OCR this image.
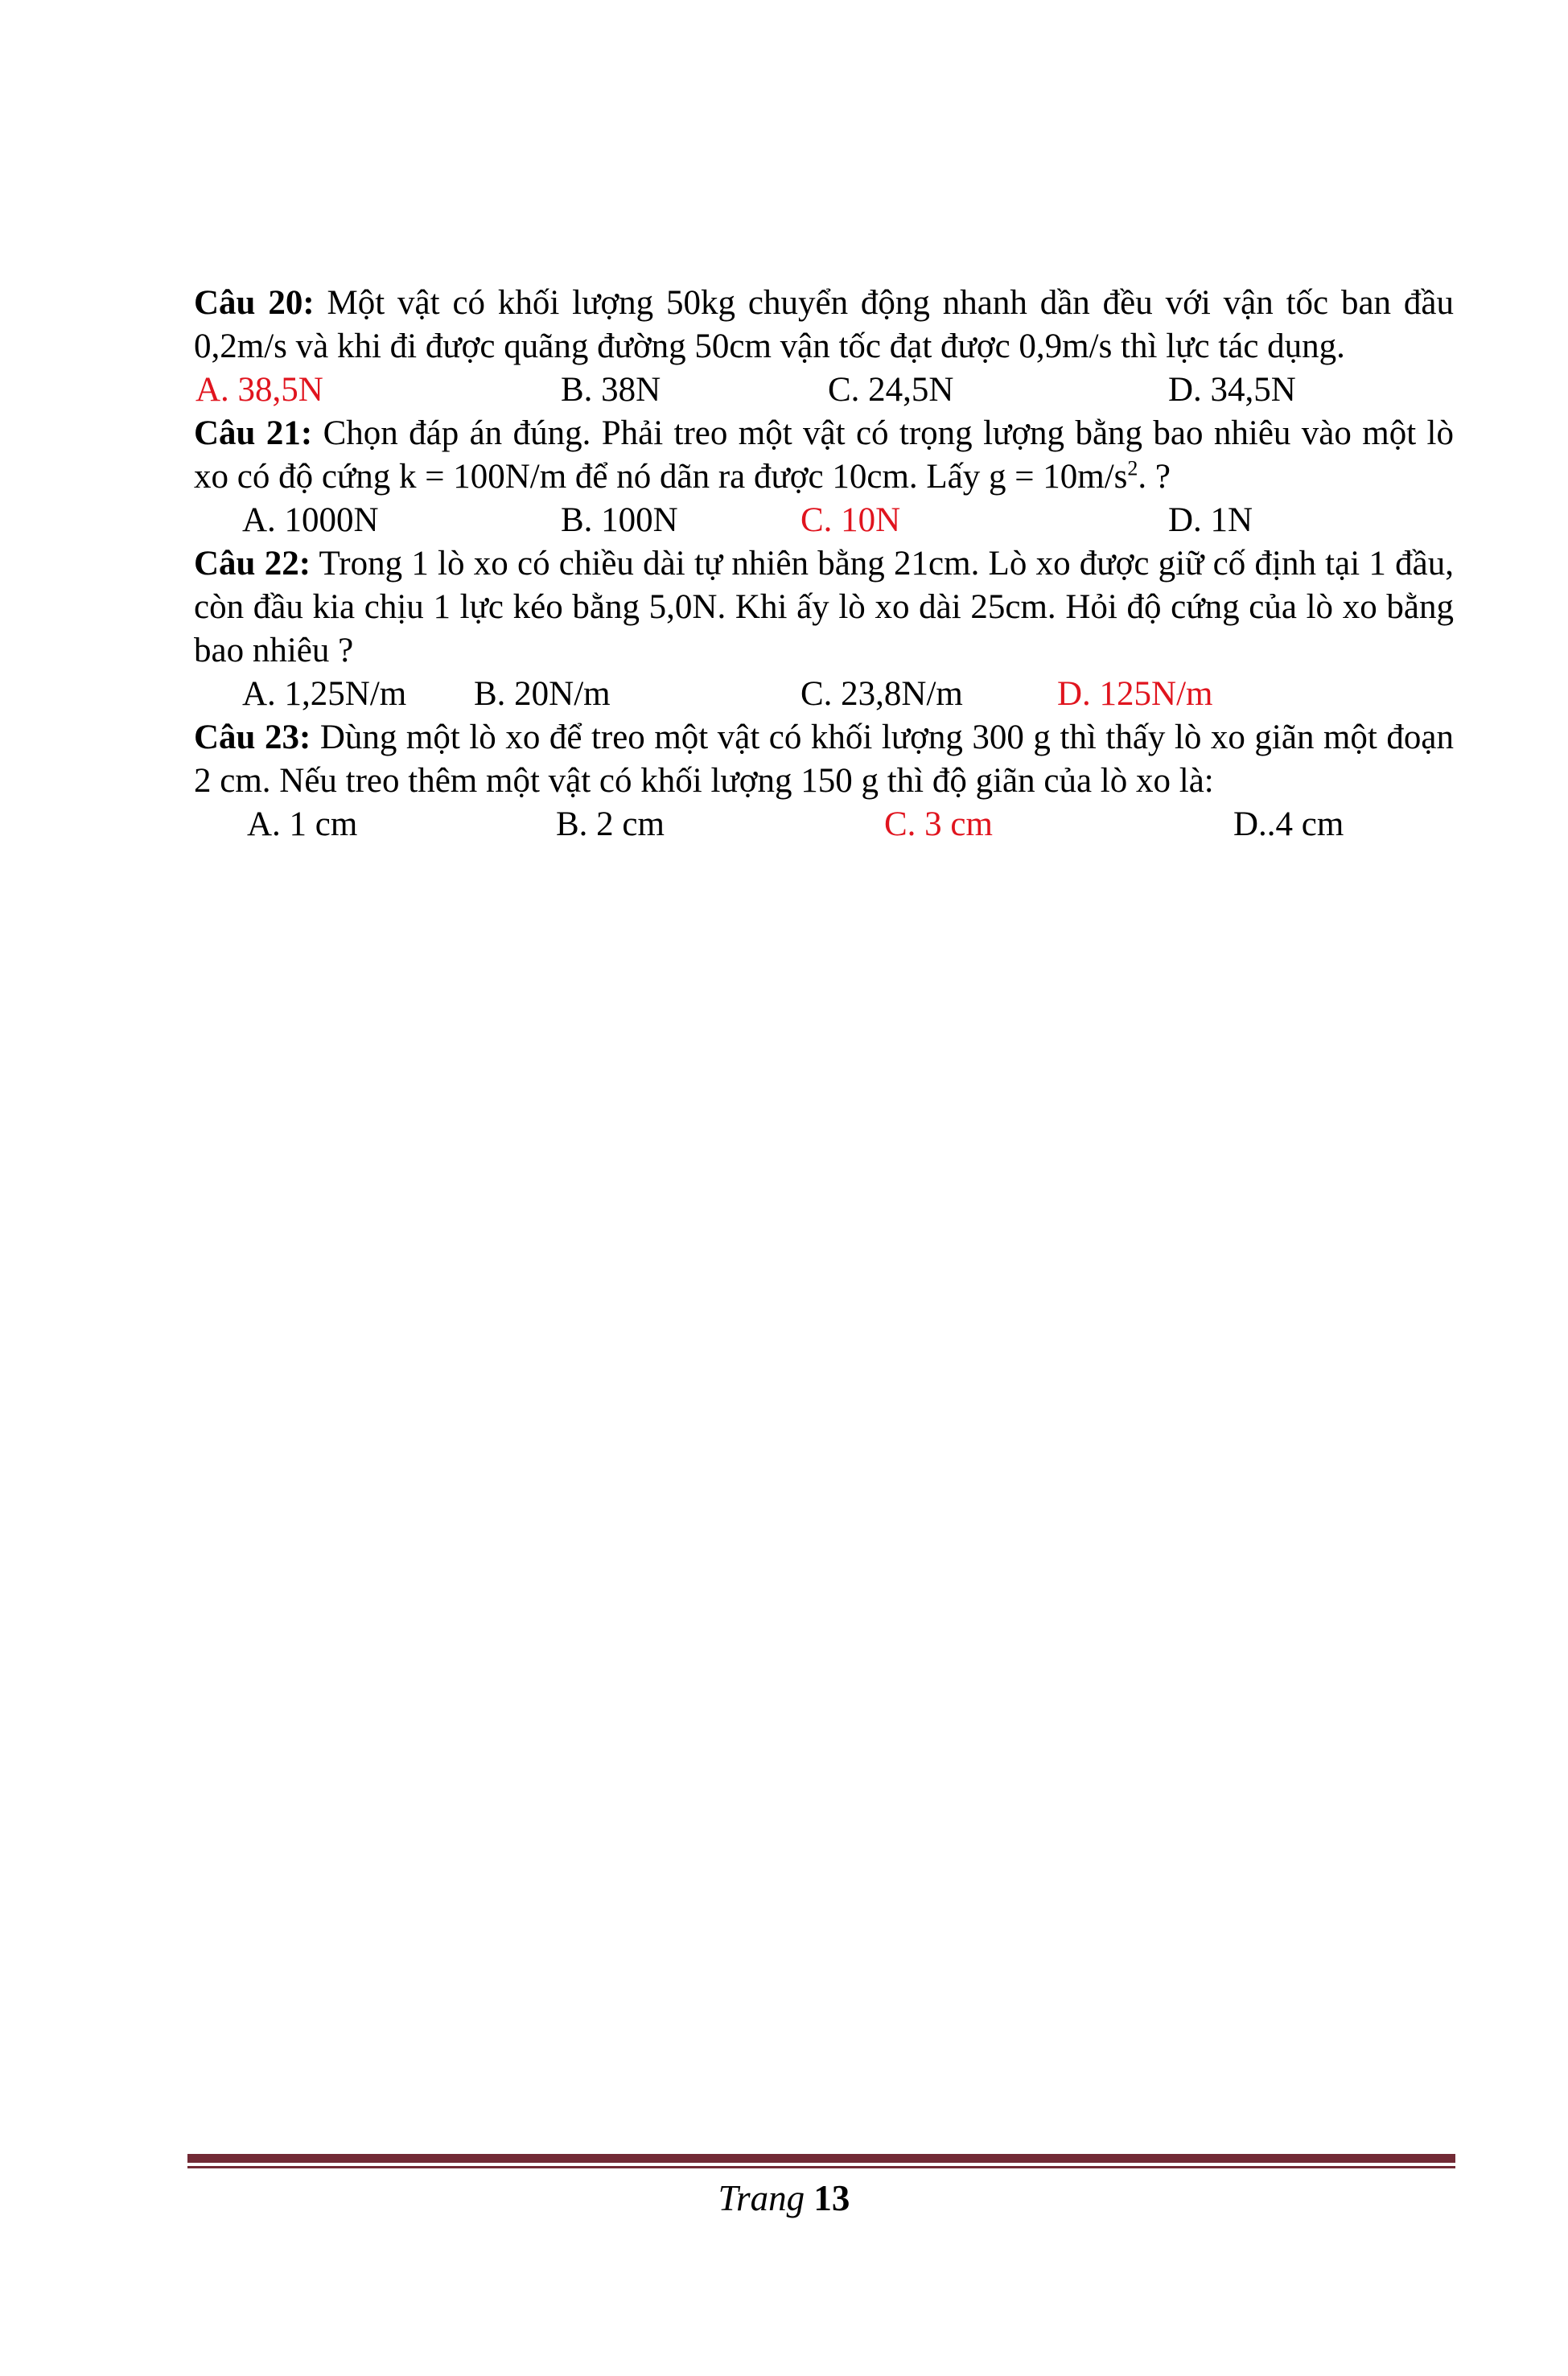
Câu 20: Một vật có khối lượng 50kg chuyển động nhanh dần đều với vận tốc ban đầu 0,2m/s và khi đi được quãng đường 50cm vận tốc đạt được 0,9m/s thì lực tác dụng.

A. 38,5N	B. 38N	C. 24,5N	D. 34,5N

Câu 21: Chọn đáp án đúng. Phải treo một vật có trọng lượng bằng bao nhiêu vào một lò xo có độ cứng k = 100N/m để nó dãn ra được 10cm. Lấy $g = 10m/s^2$. ?

A. 1000N	B. 100N	C. 10N	D. 1N

Câu 22: Trong 1 lò xo có chiều dài tự nhiên bằng 21cm. Lò xo được giữ cố định tại 1 đầu, còn đầu kia chịu 1 lực kéo bằng 5,0N. Khi ấy lò xo dài 25cm. Hỏi độ cứng của lò xo bằng bao nhiêu ?

A. 1,25N/m B. 20N/m	C. 23,8N/m	D. 125N/m

Câu 23: Dùng một lò xo để treo một vật có khối lượng 300 g thì thấy lò xo giãn một đoạn 2 cm. Nếu treo thêm một vật có khối lượng 150 g thì độ giãn của lò xo là:

A. 1 cm	B. 2 cm	C. 3 cm	D..4 cm
Trang 13
